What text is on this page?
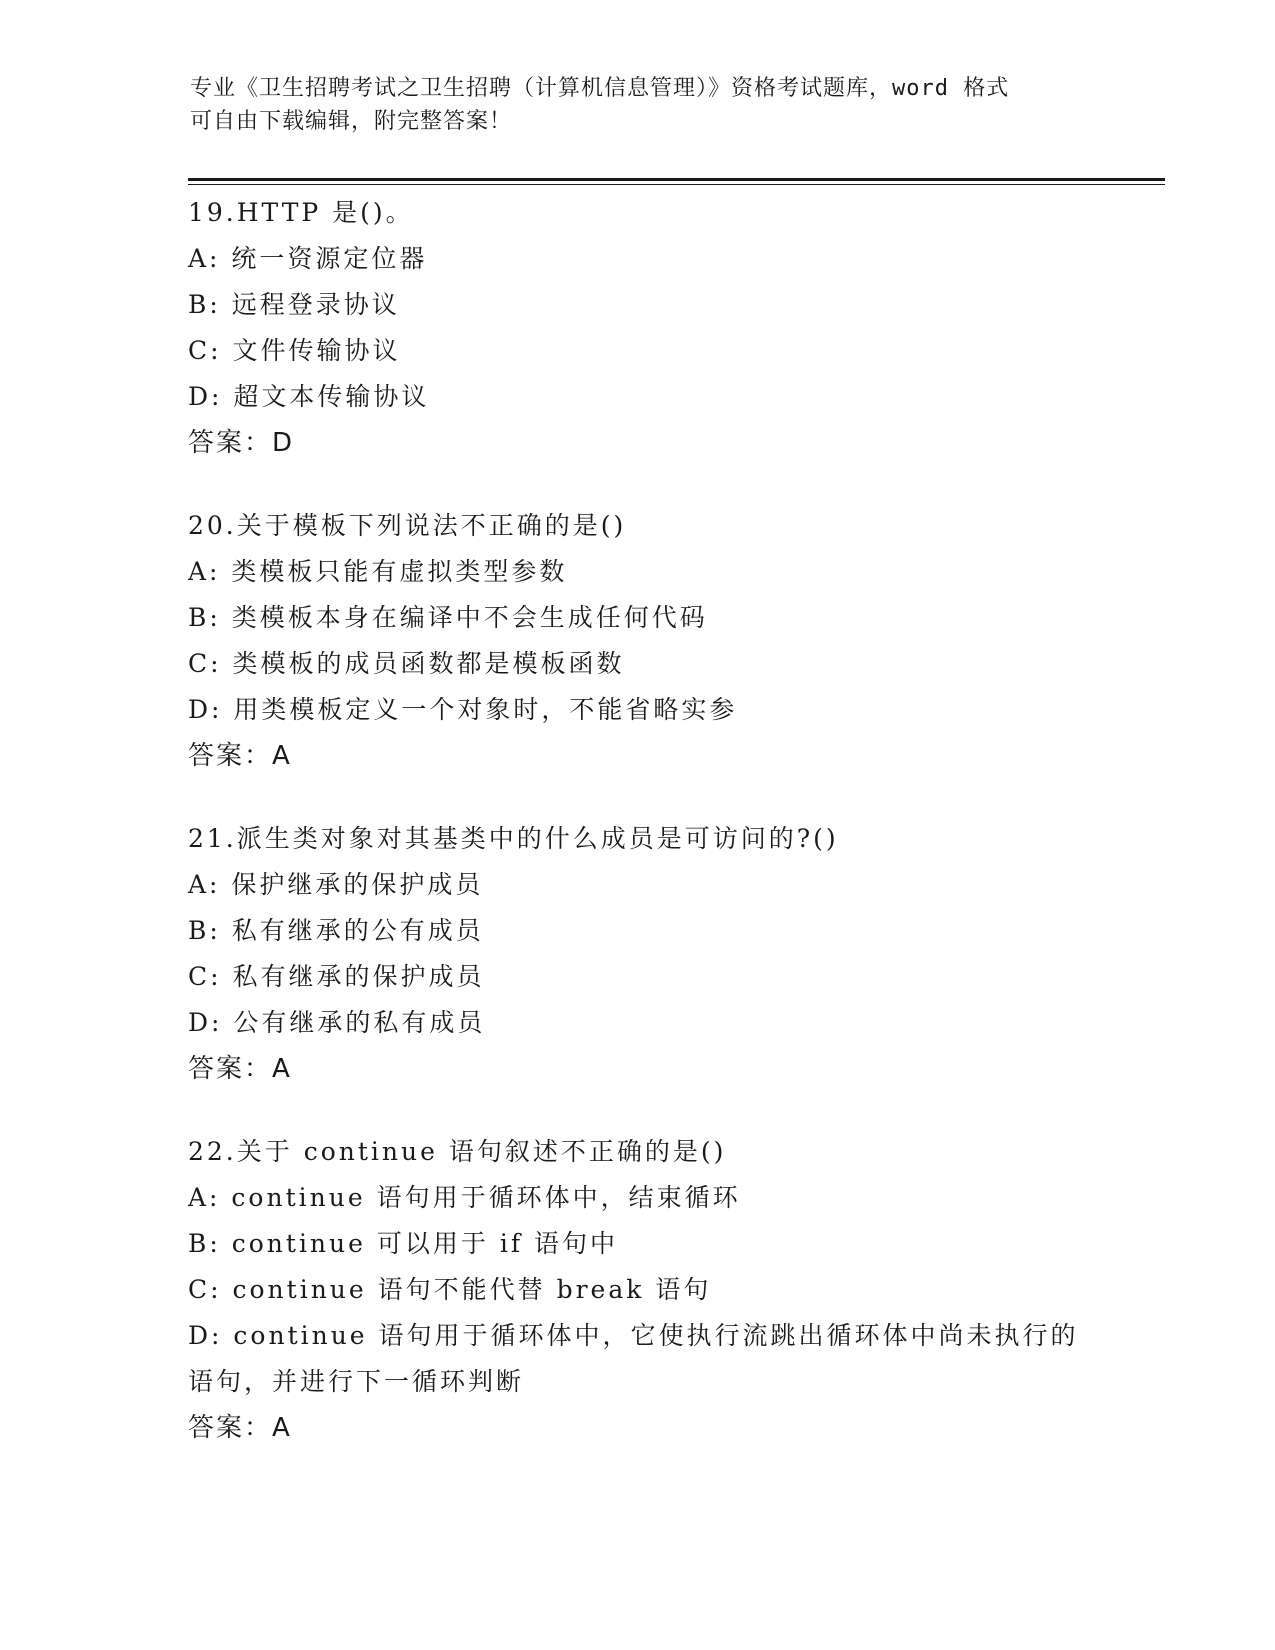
专业《卫生招聘考试之卫生招聘（计算机信息管理）》资格考试题库，word 格式
可自由下载编辑，附完整答案！
19.HTTP 是()。
A: 统一资源定位器
B: 远程登录协议
C: 文件传输协议
D: 超文本传输协议
答案：D
20.关于模板下列说法不正确的是()
A: 类模板只能有虚拟类型参数
B: 类模板本身在编译中不会生成任何代码
C: 类模板的成员函数都是模板函数
D: 用类模板定义一个对象时，不能省略实参
答案：A
21.派生类对象对其基类中的什么成员是可访问的?()
A: 保护继承的保护成员
B: 私有继承的公有成员
C: 私有继承的保护成员
D: 公有继承的私有成员
答案：A
22.关于 continue 语句叙述不正确的是()
A: continue 语句用于循环体中，结束循环
B: continue 可以用于 if 语句中
C: continue 语句不能代替 break 语句
D: continue 语句用于循环体中，它使执行流跳出循环体中尚未执行的语句，并进行下一循环判断
答案：A
